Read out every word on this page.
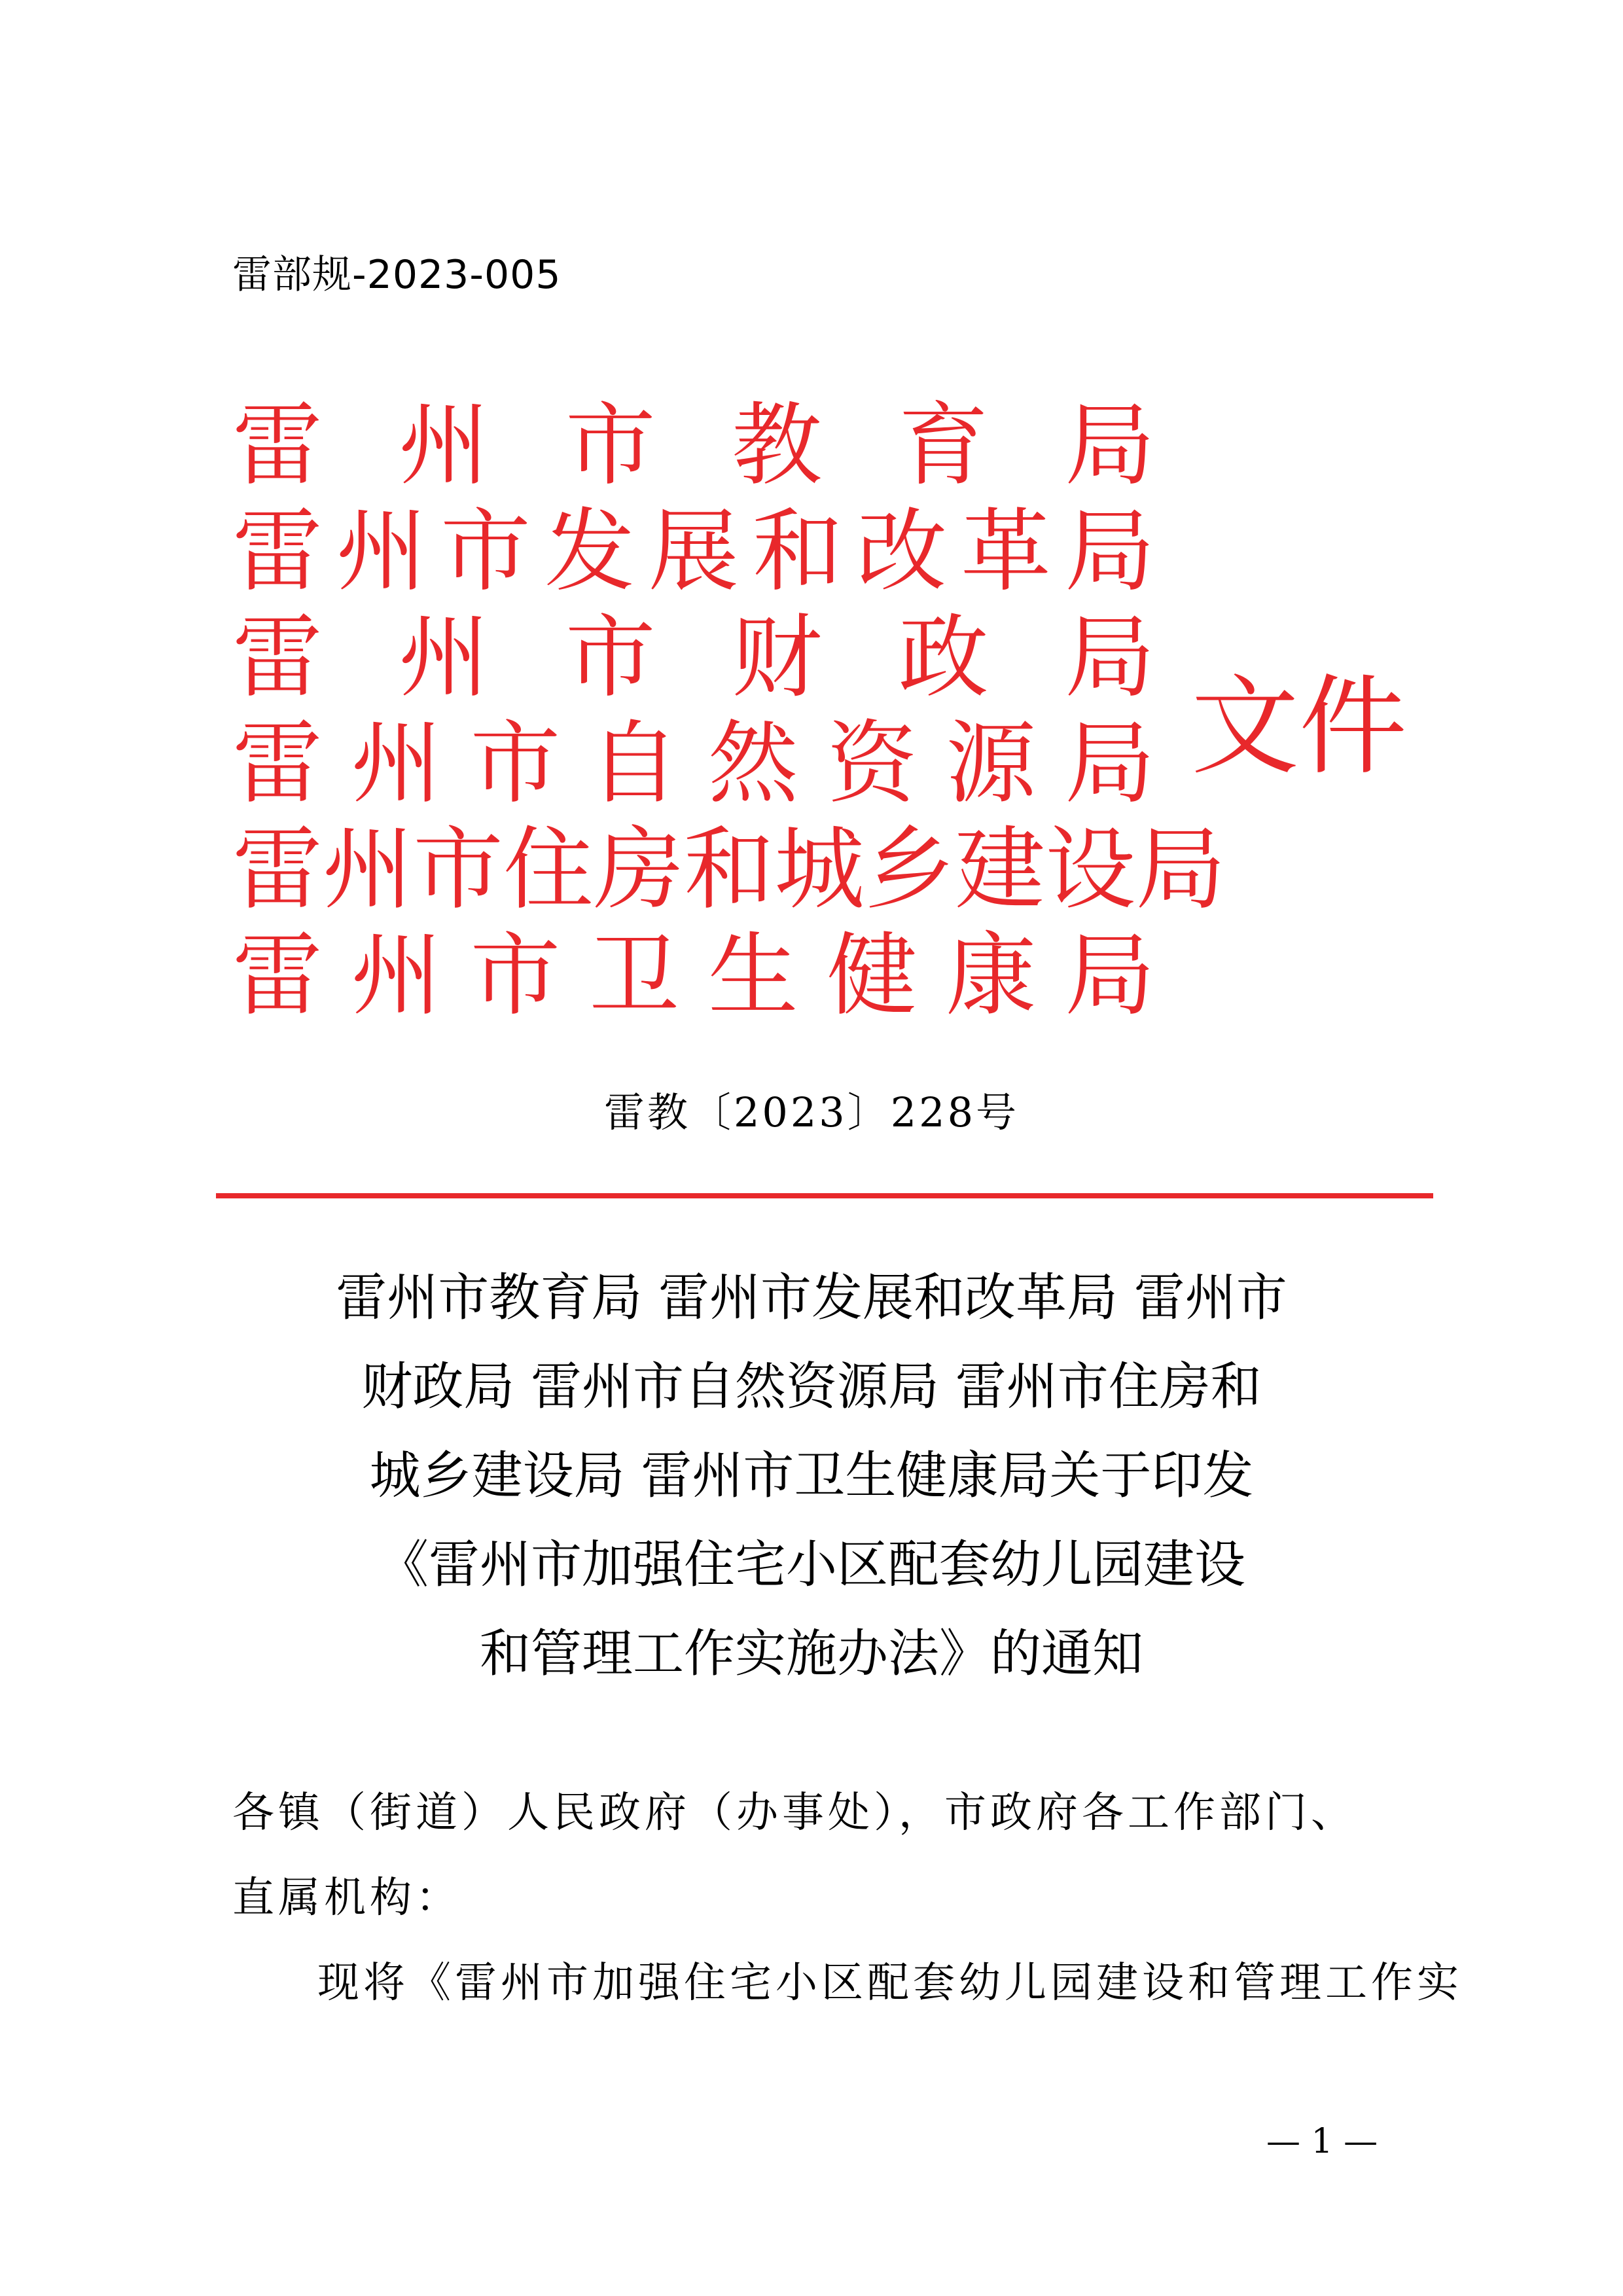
雷部规-2023-005
雷 州 市 教 育 局
雷 州 市 发 展 和 改 革 局
雷 州 市 财 政 局
雷 州 市 自 然 资 源 局
雷 州 市 住 房 和 城 乡 建 设 局
雷 州 市 卫 生 健 康 局
文件
雷教〔2023〕228号
雷州市教育局 雷州市发展和改革局 雷州市
财政局 雷州市自然资源局 雷州市住房和
城乡建设局 雷州市卫生健康局关于印发
《雷州市加强住宅小区配套幼儿园建设
和管理工作实施办法》的通知
各镇（街道）人民政府（办事处），市政府各工作部门、直属机构：
现将《雷州市加强住宅小区配套幼儿园建设和管理工作实
— 1 —
